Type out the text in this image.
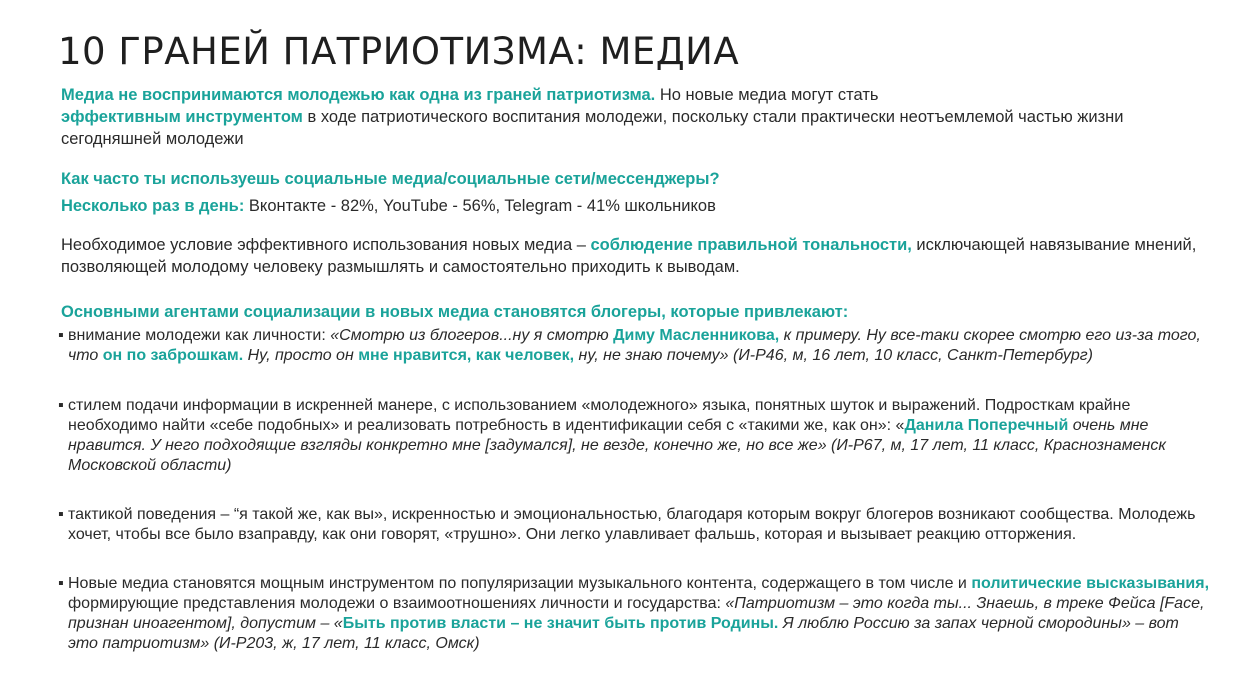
10 ГРАНЕЙ ПАТРИОТИЗМА: МЕДИА
Медиа не воспринимаются молодежью как одна из граней патриотизма. Но новые медиа могут стать
эффективным инструментом в ходе патриотического воспитания молодежи, поскольку стали практически неотъемлемой частью жизни сегодняшней молодежи
Как часто ты используешь социальные медиа/социальные сети/мессенджеры?
Несколько раз в день: Вконтакте - 82%, YouTube - 56%, Telegram - 41% школьников
Необходимое условие эффективного использования новых медиа – соблюдение правильной тональности, исключающей навязывание мнений, позволяющей молодому человеку размышлять и самостоятельно приходить к выводам.
Основными агентами социализации в новых медиа становятся блогеры, которые привлекают:
▪ внимание молодежи как личности: «Смотрю из блогеров...ну я смотрю Диму Масленникова, к примеру. Ну все-таки скорее смотрю его из-за того, что он по заброшкам. Ну, просто он мне нравится, как человек, ну, не знаю почему» (И-Р46, м, 16 лет, 10 класс, Санкт-Петербург)
▪ стилем подачи информации в искренней манере, с использованием «молодежного» языка, понятных шуток и выражений. Подросткам крайне необходимо найти «себе подобных» и реализовать потребность в идентификации себя с «такими же, как он»: «Данила Поперечный очень мне нравится. У него подходящие взгляды конкретно мне [задумался], не везде, конечно же, но все же» (И-Р67, м, 17 лет, 11 класс, Краснознаменск Московской области)
▪ тактикой поведения – “я такой же, как вы», искренностью и эмоциональностью, благодаря которым вокруг блогеров возникают сообщества. Молодежь хочет, чтобы все было взаправду, как они говорят, «трушно». Они легко улавливает фальшь, которая и вызывает реакцию отторжения.
▪ Новые медиа становятся мощным инструментом по популяризации музыкального контента, содержащего в том числе и политические высказывания, формирующие представления молодежи о взаимоотношениях личности и государства: «Патриотизм – это когда ты... Знаешь, в треке Фейса [Face, признан иноагентом], допустим – «Быть против власти – не значит быть против Родины. Я люблю Россию за запах черной смородины» – вот это патриотизм» (И-Р203, ж, 17 лет, 11 класс, Омск)
